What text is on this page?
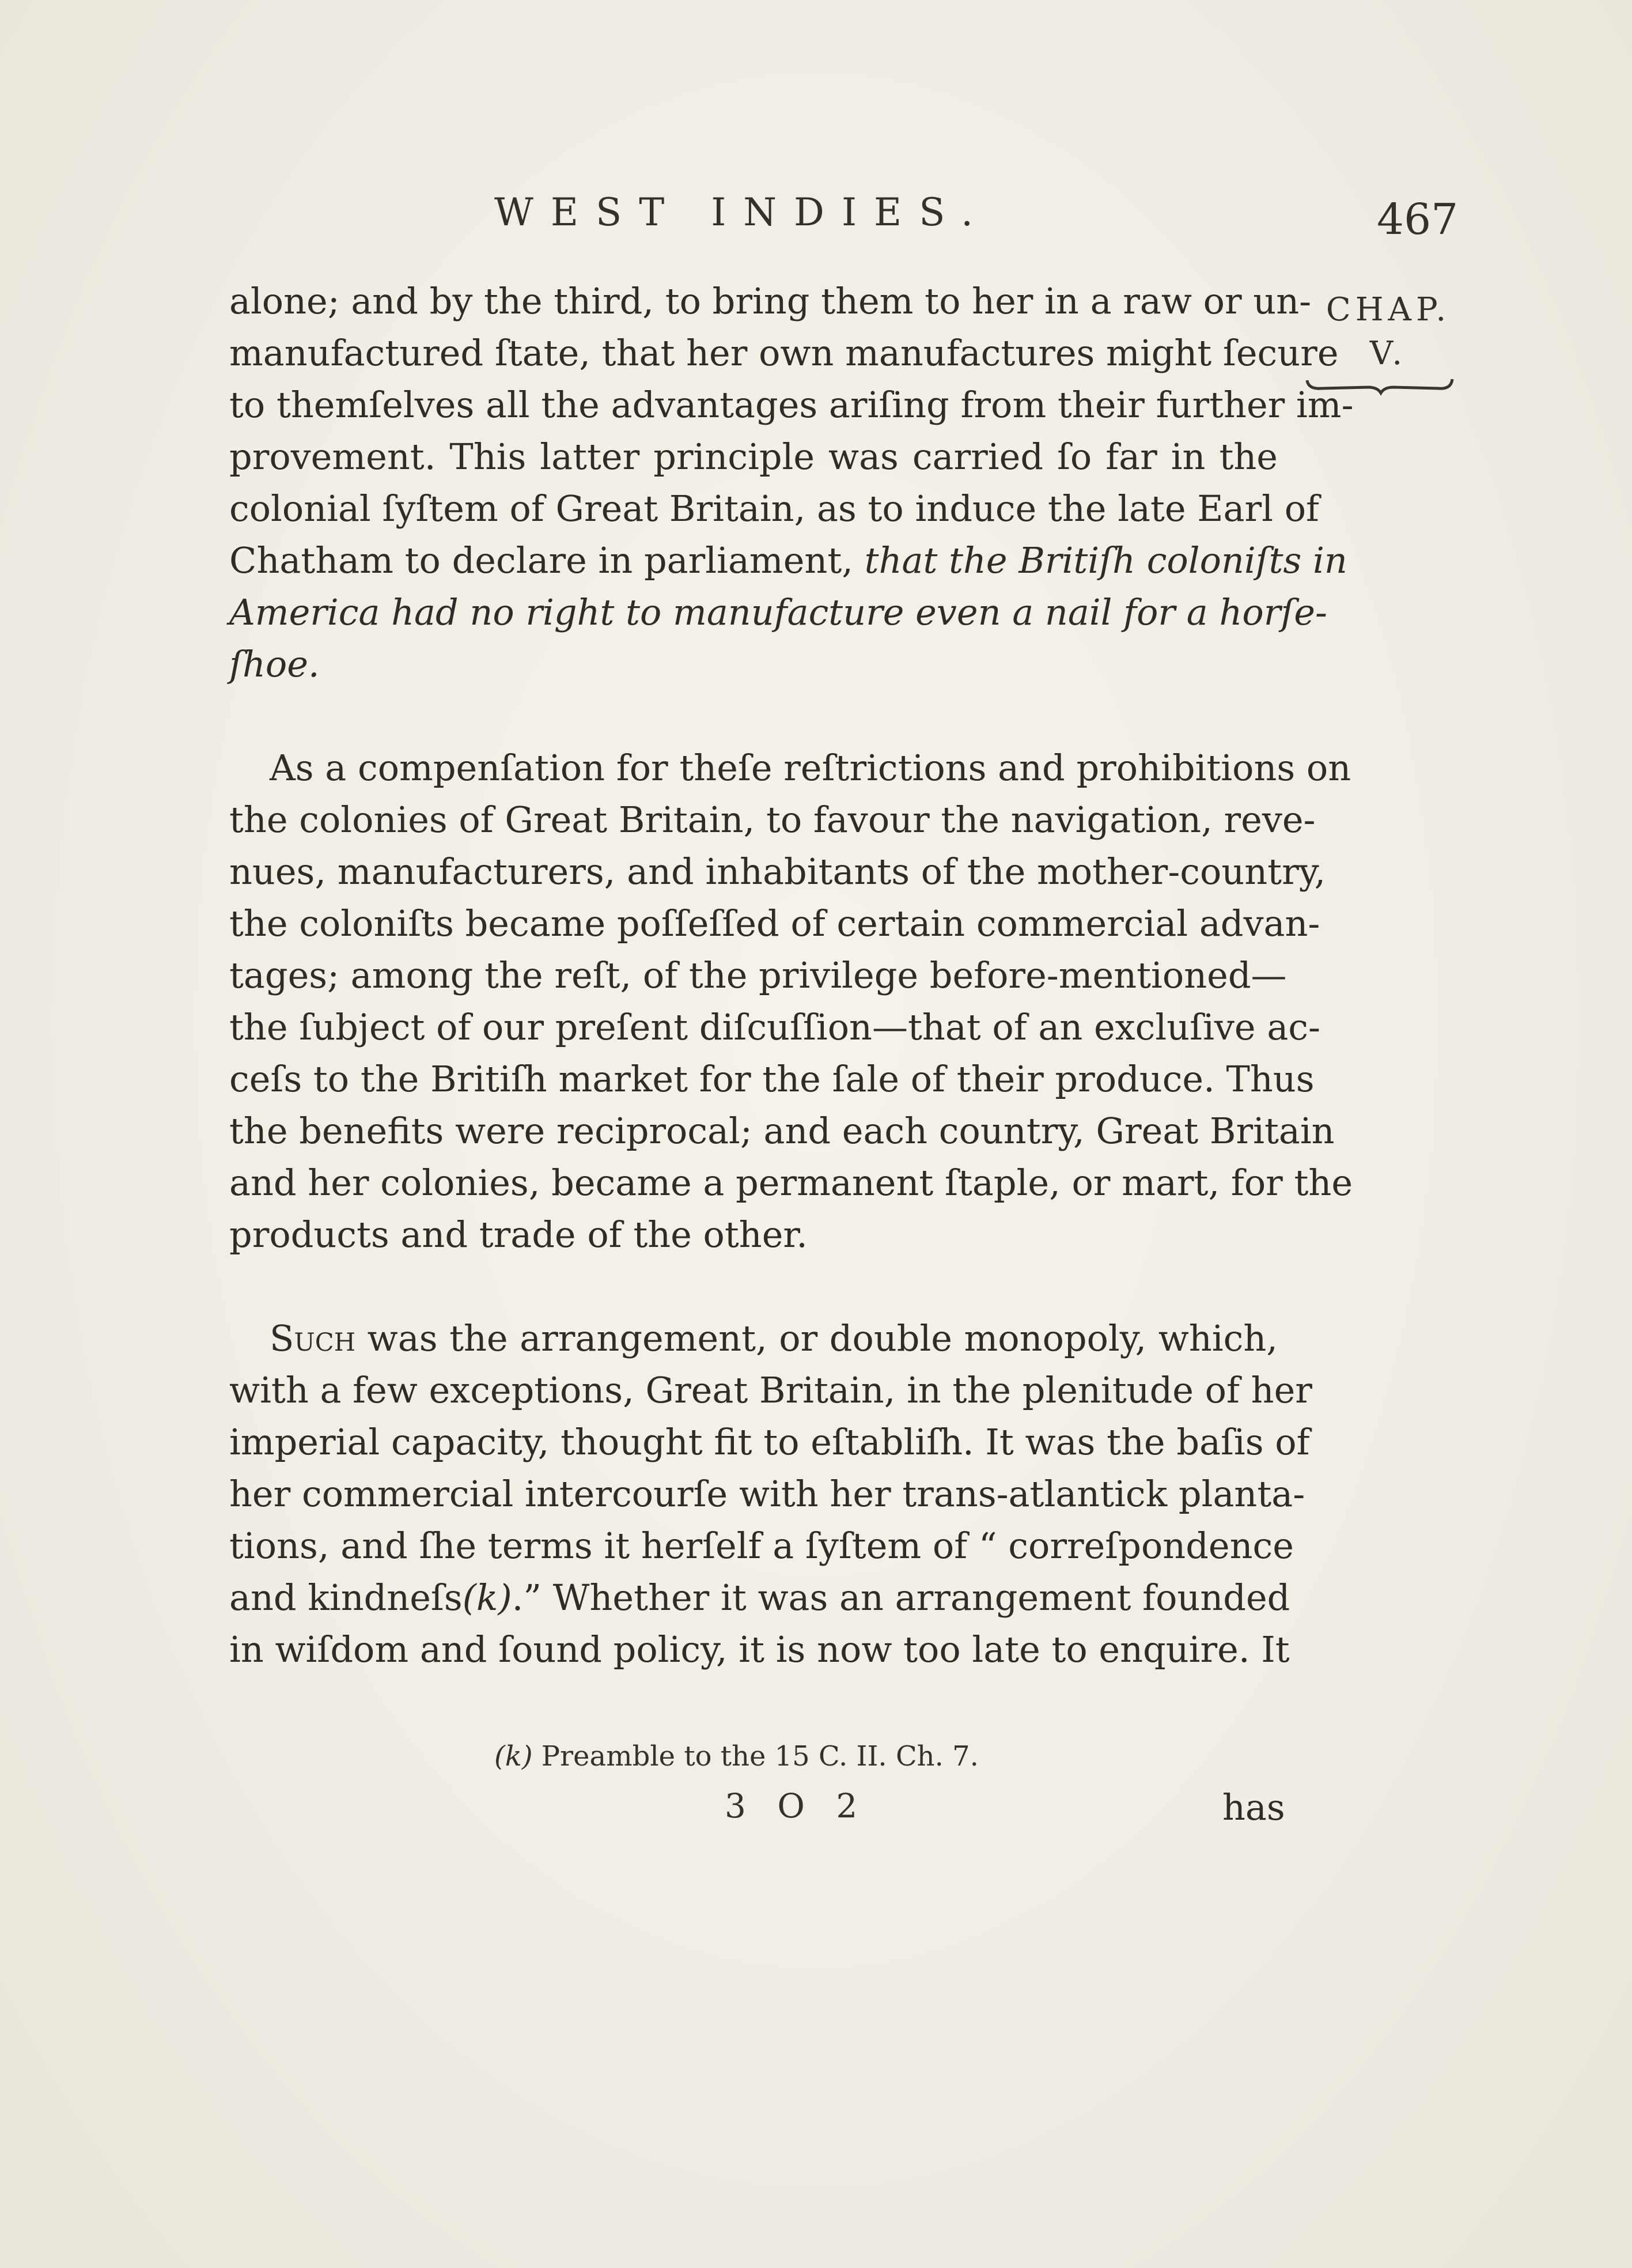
WEST INDIES.	467
CHAP.
V.
alone; and by the third, to bring them to her in a raw or un-
manufactured ſtate, that her own manufactures might ſecure
to themſelves all the advantages ariſing from their further im-
provement. This latter principle was carried ſo far in the
colonial ſyſtem of Great Britain, as to induce the late Earl of
Chatham to declare in parliament, that the Britiſh coloniſts in
America had no right to manufacture even a nail for a horſe-
ſhoe.
As a compenſation for theſe reſtrictions and prohibitions on
the colonies of Great Britain, to favour the navigation, reve-
nues, manufacturers, and inhabitants of the mother-country,
the coloniſts became poſſeſſed of certain commercial advan-
tages; among the reſt, of the privilege before-mentioned—
the ſubject of our preſent diſcuſſion—that of an excluſive ac-
ceſs to the Britiſh market for the ſale of their produce. Thus
the benefits were reciprocal; and each country, Great Britain
and her colonies, became a permanent ſtaple, or mart, for the
products and trade of the other.
Such was the arrangement, or double monopoly, which,
with a few exceptions, Great Britain, in the plenitude of her
imperial capacity, thought fit to eſtabliſh. It was the baſis of
her commercial intercourſe with her trans-atlantick planta-
tions, and ſhe terms it herſelf a ſyſtem of “ correſpondence
and kindneſs(k).” Whether it was an arrangement founded
in wiſdom and ſound policy, it is now too late to enquire. It
(k) Preamble to the 15 C. II. Ch. 7.
3 O 2	has
